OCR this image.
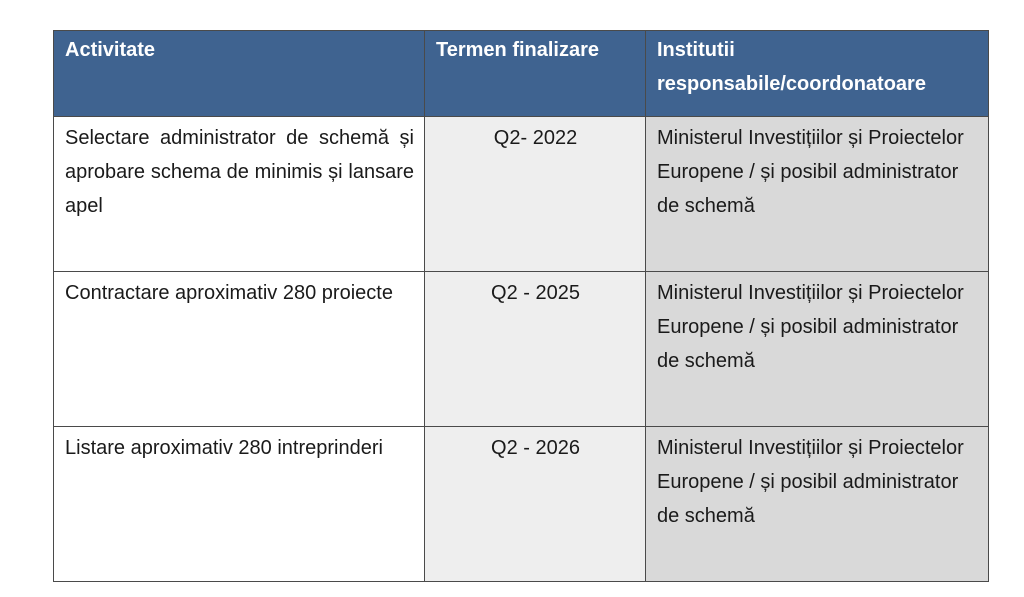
Activitate	Termen finalizare	Institutii responsabile/coordonatoare
Selectare administrator de schemă și aprobare schema de minimis și lansare apel	Q2- 2022	Ministerul Investițiilor și Proiectelor Europene / și posibil administrator de schemă
Contractare aproximativ 280 proiecte	Q2 - 2025	Ministerul Investițiilor și Proiectelor Europene / și posibil administrator de schemă
Listare aproximativ 280 intreprinderi	Q2 - 2026	Ministerul Investițiilor și Proiectelor Europene / și posibil administrator de schemă
